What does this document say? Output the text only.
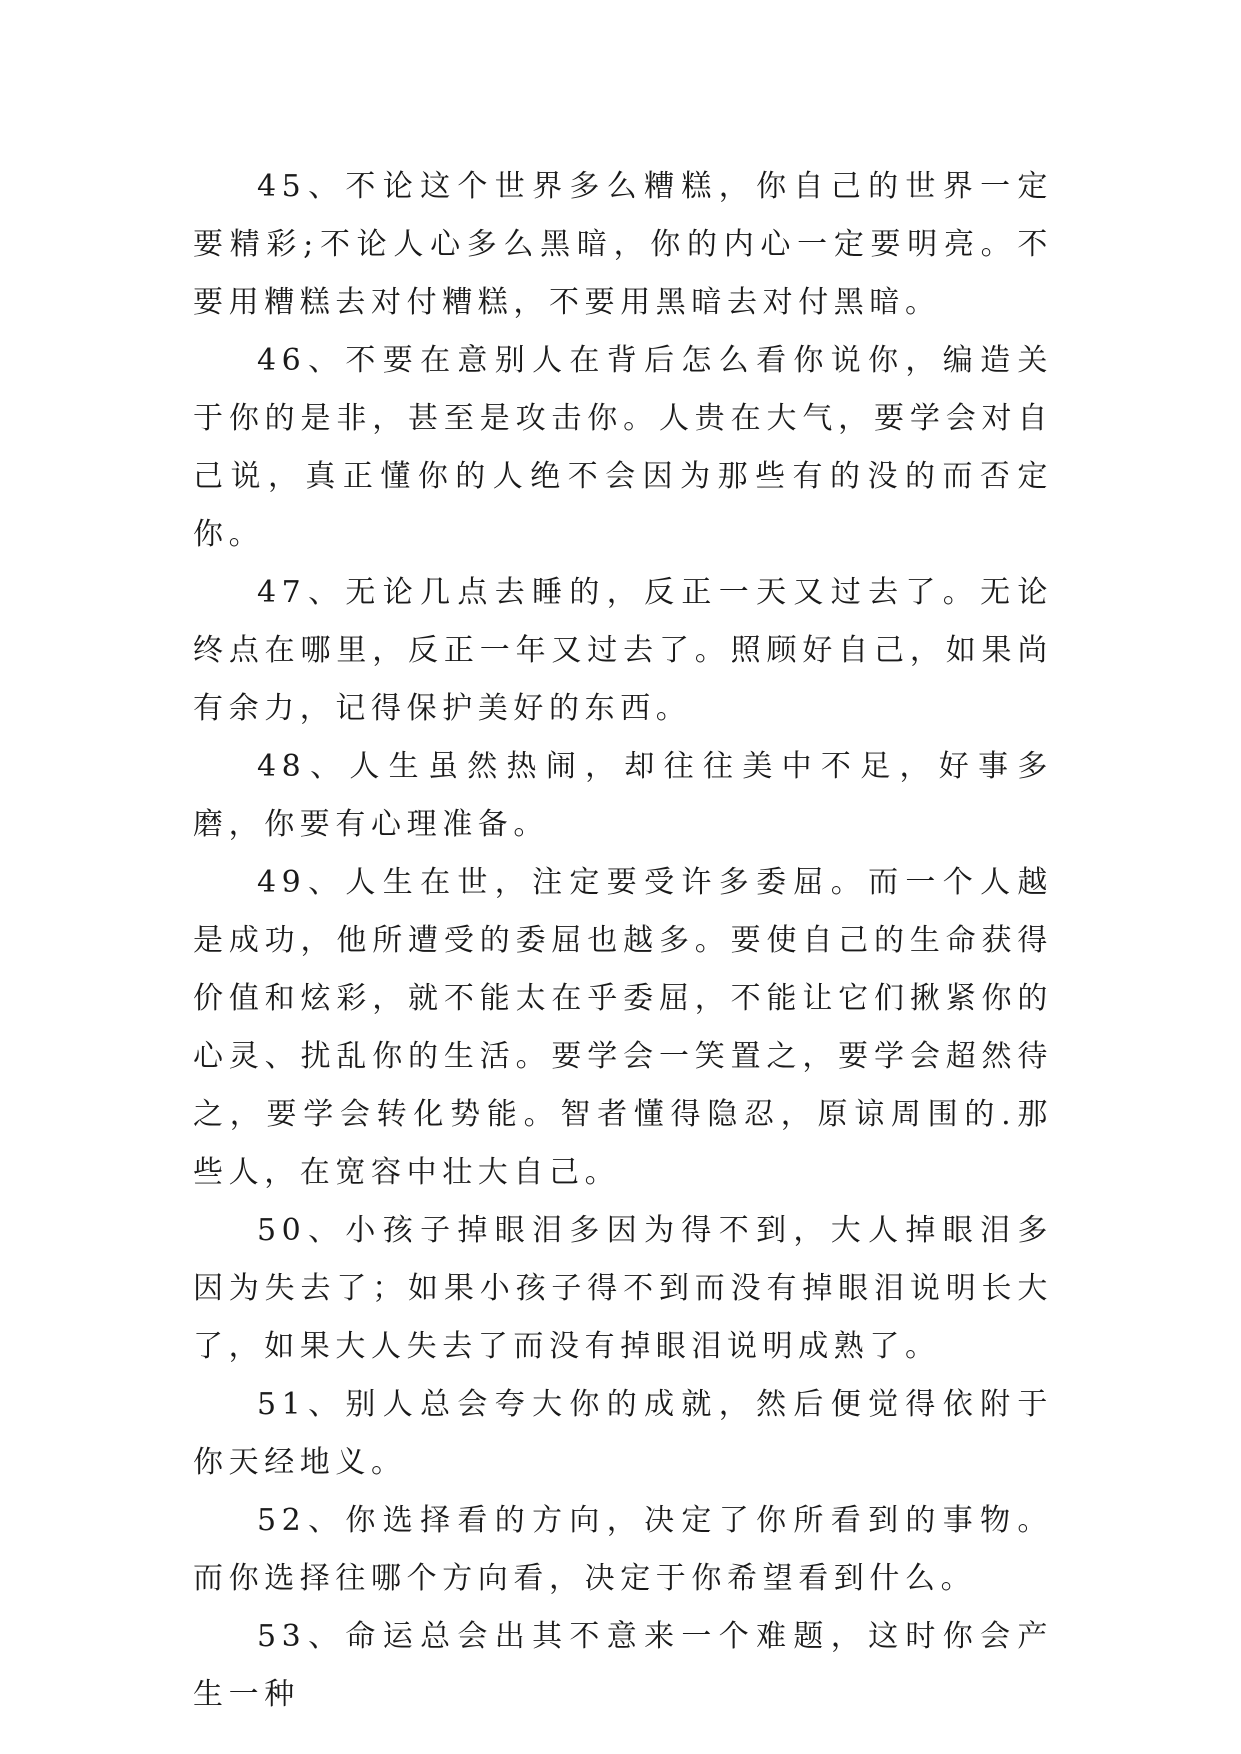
45、不论这个世界多么糟糕，你自己的世界一定要精彩;不论人心多么黑暗，你的内心一定要明亮。不要用糟糕去对付糟糕，不要用黑暗去对付黑暗。

46、不要在意别人在背后怎么看你说你，编造关于你的是非，甚至是攻击你。人贵在大气，要学会对自己说，真正懂你的人绝不会因为那些有的没的而否定你。

47、无论几点去睡的，反正一天又过去了。无论终点在哪里，反正一年又过去了。照顾好自己，如果尚有余力，记得保护美好的东西。

48、人生虽然热闹，却往往美中不足，好事多磨，你要有心理准备。

49、人生在世，注定要受许多委屈。而一个人越是成功，他所遭受的委屈也越多。要使自己的生命获得价值和炫彩，就不能太在乎委屈，不能让它们揪紧你的心灵、扰乱你的生活。要学会一笑置之，要学会超然待之，要学会转化势能。智者懂得隐忍，原谅周围的.那些人，在宽容中壮大自己。

50、小孩子掉眼泪多因为得不到，大人掉眼泪多因为失去了；如果小孩子得不到而没有掉眼泪说明长大了，如果大人失去了而没有掉眼泪说明成熟了。

51、别人总会夸大你的成就，然后便觉得依附于你天经地义。

52、你选择看的方向，决定了你所看到的事物。而你选择往哪个方向看，决定于你希望看到什么。

53、命运总会出其不意来一个难题，这时你会产生一种
